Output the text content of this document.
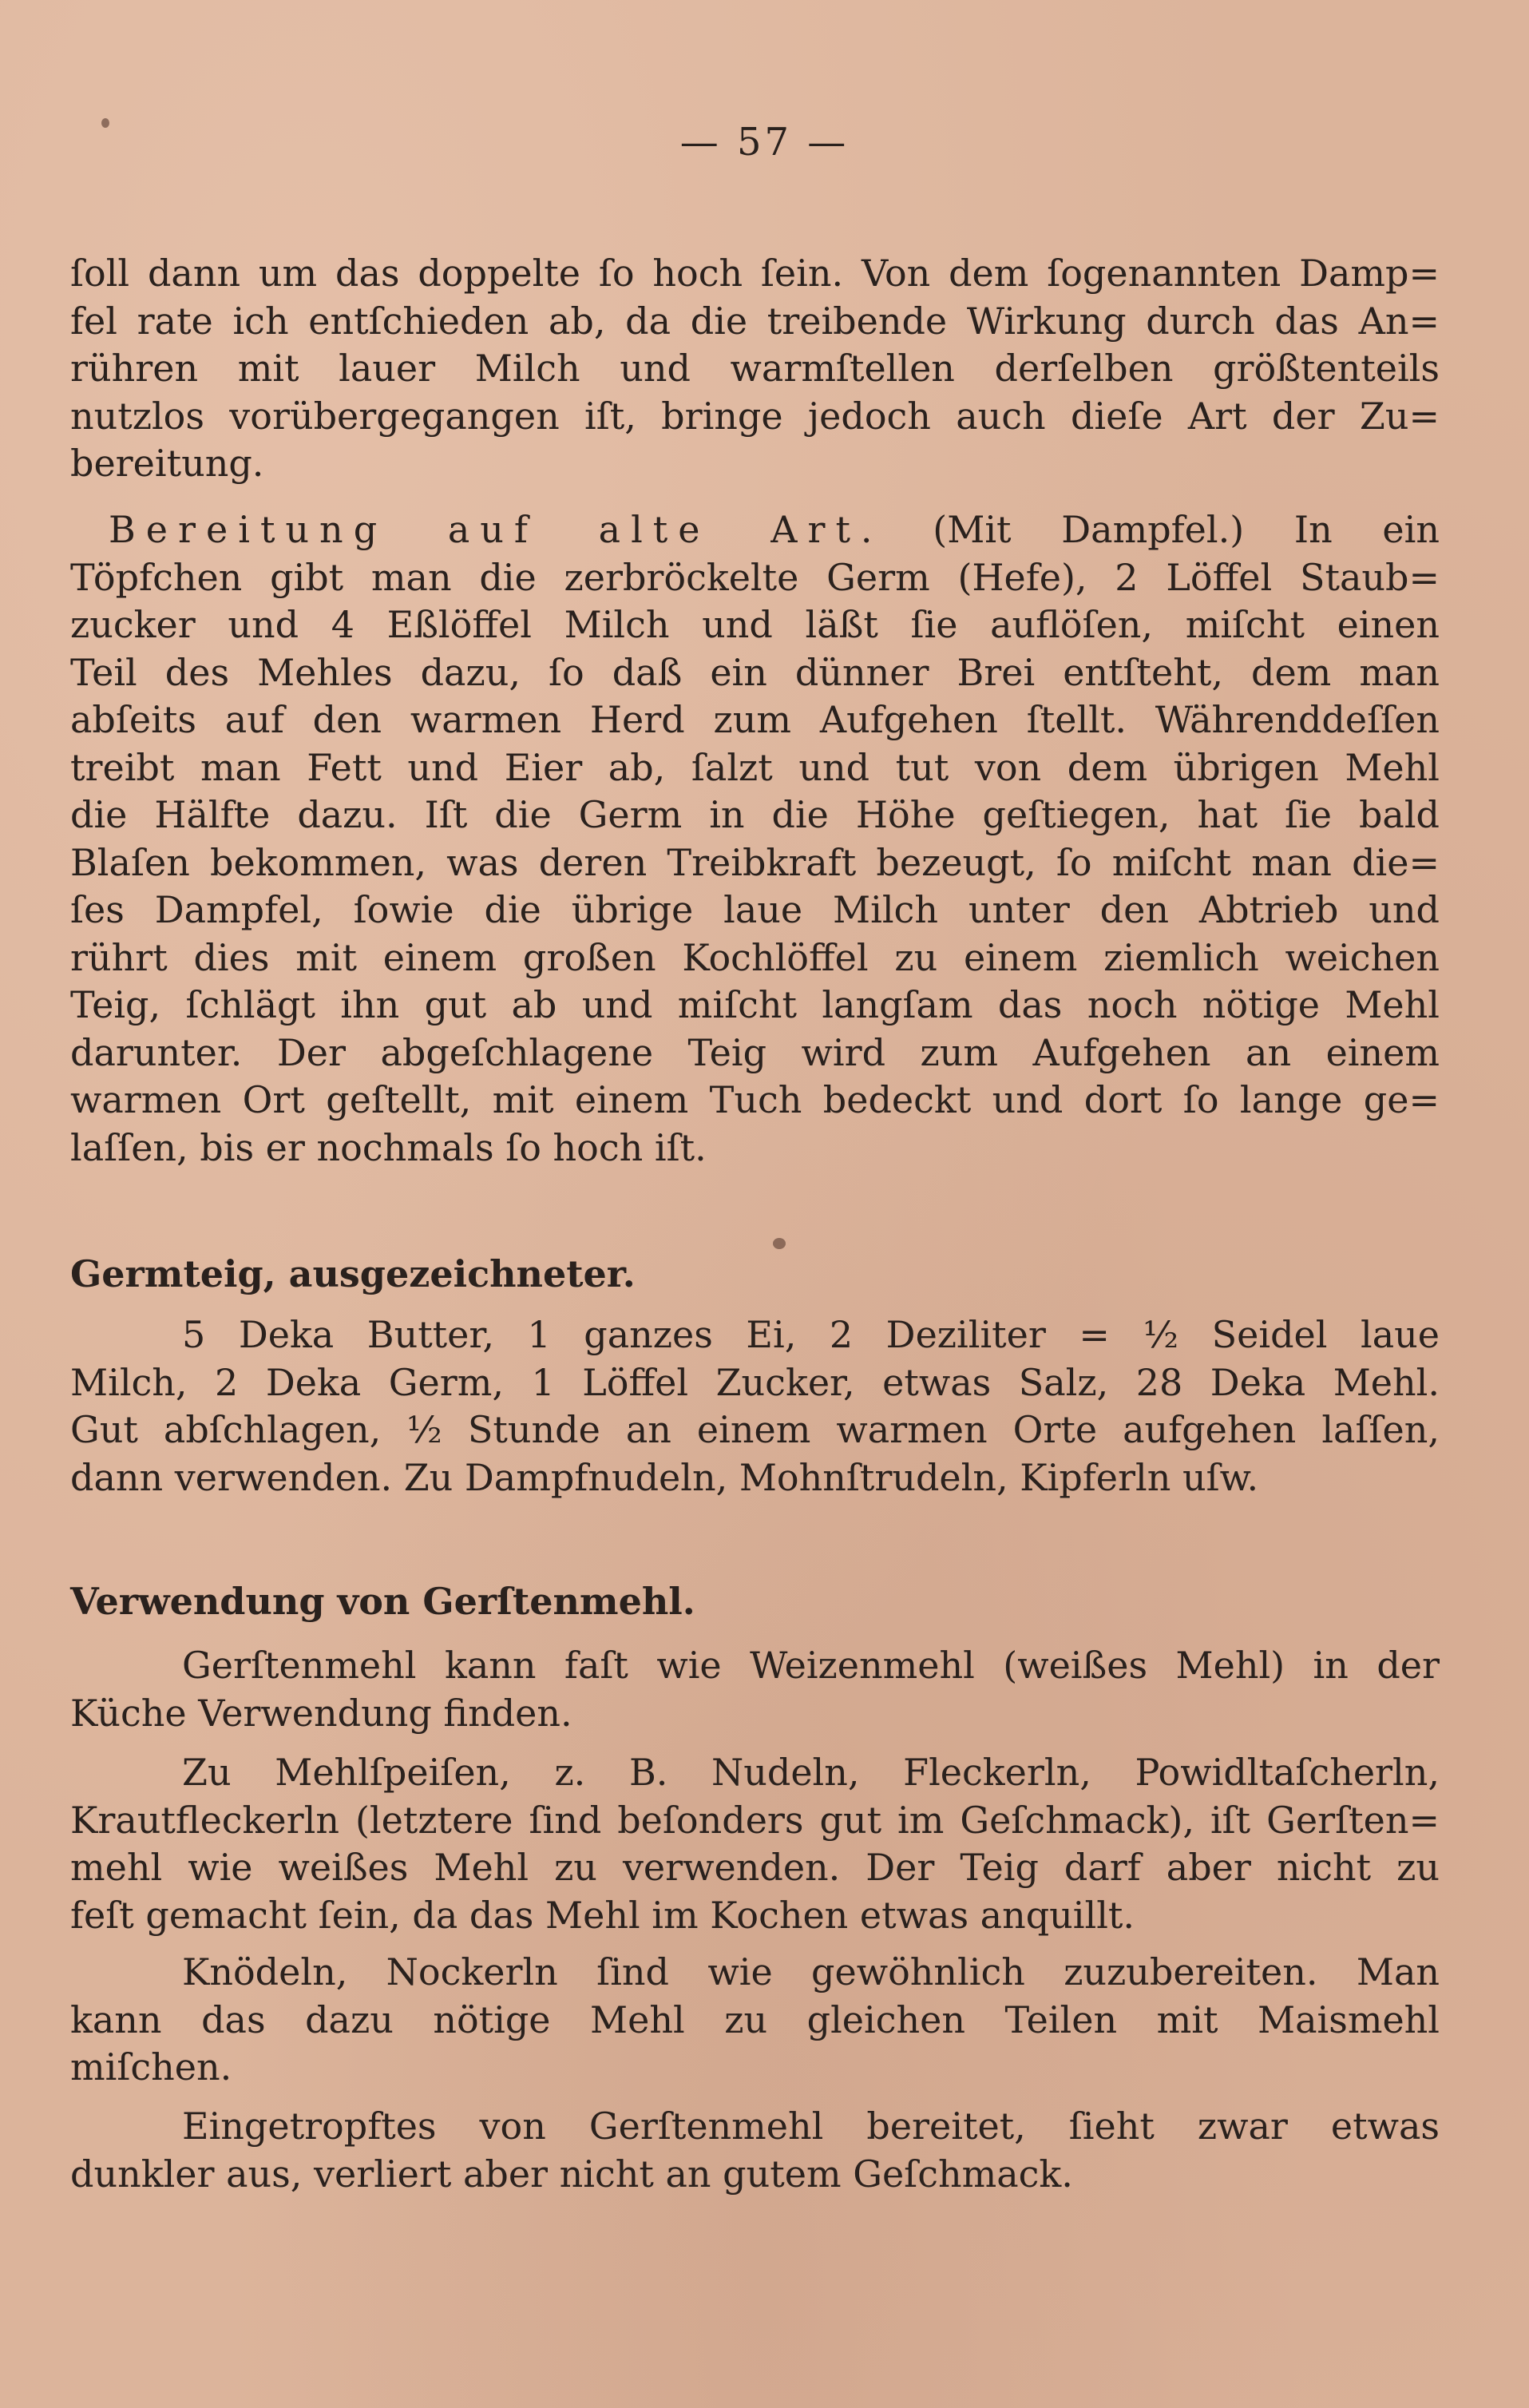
— 57 —
ſoll dann um das doppelte ſo hoch ſein. Von dem ſogenannten Damp=
fel rate ich entſchieden ab, da die treibende Wirkung durch das An=
rühren mit lauer Milch und warmſtellen derſelben größtenteils
nutzlos vorübergegangen iſt, bringe jedoch auch dieſe Art der Zu=
bereitung.
Bereitung auf alte Art. (Mit Dampfel.) In ein
Töpfchen gibt man die zerbröckelte Germ (Hefe), 2 Löffel Staub=
zucker und 4 Eßlöffel Milch und läßt ſie auflöſen, miſcht einen
Teil des Mehles dazu, ſo daß ein dünner Brei entſteht, dem man
abſeits auf den warmen Herd zum Aufgehen ſtellt. Währenddeſſen
treibt man Fett und Eier ab, ſalzt und tut von dem übrigen Mehl
die Hälfte dazu. Iſt die Germ in die Höhe geſtiegen, hat ſie bald
Blaſen bekommen, was deren Treibkraft bezeugt, ſo miſcht man die=
ſes Dampfel, ſowie die übrige laue Milch unter den Abtrieb und
rührt dies mit einem großen Kochlöffel zu einem ziemlich weichen
Teig, ſchlägt ihn gut ab und miſcht langſam das noch nötige Mehl
darunter. Der abgeſchlagene Teig wird zum Aufgehen an einem
warmen Ort geſtellt, mit einem Tuch bedeckt und dort ſo lange ge=
laſſen, bis er nochmals ſo hoch iſt.
Germteig, ausgezeichneter.
5 Deka Butter, 1 ganzes Ei, 2 Deziliter = ½ Seidel laue
Milch, 2 Deka Germ, 1 Löffel Zucker, etwas Salz, 28 Deka Mehl.
Gut abſchlagen, ½ Stunde an einem warmen Orte aufgehen laſſen,
dann verwenden. Zu Dampfnudeln, Mohnſtrudeln, Kipferln uſw.
Verwendung von Gerſtenmehl.
Gerſtenmehl kann faſt wie Weizenmehl (weißes Mehl) in der
Küche Verwendung finden.
Zu Mehlſpeiſen, z. B. Nudeln, Fleckerln, Powidltaſcherln,
Krautfleckerln (letztere ſind beſonders gut im Geſchmack), iſt Gerſten=
mehl wie weißes Mehl zu verwenden. Der Teig darf aber nicht zu
feſt gemacht ſein, da das Mehl im Kochen etwas anquillt.
Knödeln, Nockerln ſind wie gewöhnlich zuzubereiten. Man
kann das dazu nötige Mehl zu gleichen Teilen mit Maismehl
miſchen.
Eingetropftes von Gerſtenmehl bereitet, ſieht zwar etwas
dunkler aus, verliert aber nicht an gutem Geſchmack.
